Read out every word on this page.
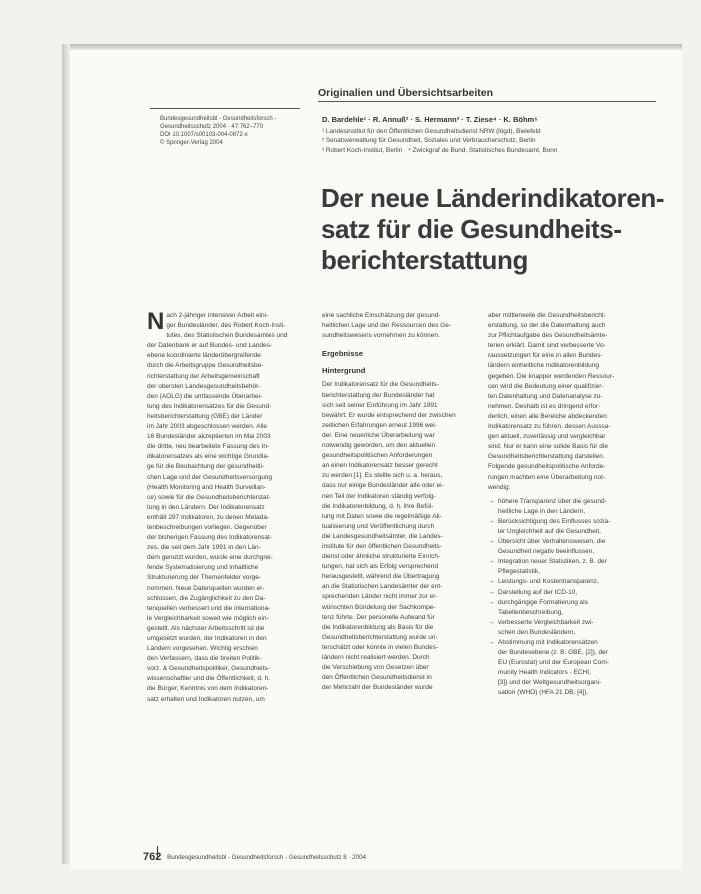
Originalien und Übersichtsarbeiten
Bundesgesundheitsbl - Gesundheitsforsch -
Gesundheitsschutz 2004 · 47:762–770
DOI 10.1007/s00103-004-0872-x
© Springer-Verlag 2004
D. Bardehle¹ · R. Annuß² · S. Hermann³ · T. Ziese⁴ · K. Böhm⁵
¹ Landesinstitut für den Öffentlichen Gesundheitsdienst NRW (lögd), Bielefeld
² Senatsverwaltung für Gesundheit, Soziales und Verbraucherschutz, Berlin
³ Robert Koch-Institut, Berlin · ⁴ Zwickgraf de Bund, Statistisches Bundesamt, Bonn
Der neue Länderindikatoren-
satz für die Gesundheits-
berichterstattung
N ach 2-jähriger intensiver Arbeit eini-
ger Bundesländer, des Robert Koch-Insti-
tutes, des Statistischen Bundesamtes und
der Datenbank er auf Bundes- und Landes-
ebene koordinierte länderübergreifende
durch die Arbeitsgruppe Gesundheitsbe-
richterstattung der Arbeitsgemeinschaft
der obersten Landesgesundheitsbehör-
den (AOLG) die umfassende Überarbei-
tung des Indikatorensatzes für die Gesund-
heitsberichterstattung (GBE) der Länder
im Jahr 2003 abgeschlossen werden. Alle
16 Bundesländer akzeptierten im Mai 2003
die dritte, neu bearbeitete Fassung des In-
dikatorensatzes als eine wichtige Grundla-
ge für die Beobachtung der gesundheitli-
chen Lage und der Gesundheitsversorgung
(Health Monitoring and Health Surveillan-
ce) sowie für die Gesundheitsberichterstat-
tung in den Ländern. Der Indikatorensatz
enthält 297 Indikatoren, zu denen Metada-
tenbeschreibungen vorliegen. Gegenüber
der bisherigen Fassung des Indikatorensat-
zes, die seit dem Jahr 1991 in den Län-
dern genutzt wurden, wurde eine durchgrei-
fende Systematisierung und inhaltliche
Strukturierung der Themenfelder vorge-
nommen. Neue Datenquellen wurden er-
schlossen, die Zugänglichkeit zu den Da-
tenquellen verbessert und die internationa-
le Vergleichbarkeit soweit wie möglich ein-
gestellt. Als nächster Arbeitsschritt ist die
umgesetzt wurden, der Indikatoren in den
Ländern vorgesehen. Wichtig erschien
den Verfassern, dass die breiten Politik-
vorz. & Gesundheitspolitiker, Gesundheits-
wissenschaftler und die Öffentlichkeit, d. h.
die Bürger, Kenntnis von dem Indikatoren-
satz erhalten und Indikatoren nutzen, um
eine sachliche Einschätzung der gesund-
heitlichen Lage und der Ressourcen des Ge-
sundheitswesens vornehmen zu können.
Ergebnisse
Hintergrund
Der Indikatorensatz für die Gesundheits-
berichterstattung der Bundesländer hat
sich seit seiner Einführung im Jahr 1991
bewährt. Er wurde entsprechend der zwischen
zeitlichen Erfahrungen erneut 1996 wei-
der. Eine neuerliche Überarbeitung war
notwendig geworden, um den aktuellen
gesundheitspolitischen Anforderungen
an einen Indikatorensatz besser gerecht
zu werden [1]. Es stellte sich u. a. heraus,
dass nur einige Bundesländer alle oder ei-
nen Teil der Indikatoren ständig verfolg-
die Indikatorenbildung, d. h. ihre Befül-
lung mit Daten sowie die regelmäßige Ak-
tualisierung und Veröffentlichung durch
die Landesgesundheitsämter, die Landes-
institute für den öffentlichen Gesundheits-
dienst oder ähnliche strukturierte Einrich-
tungen, hat sich als Erfolg versprechend
herausgestellt, während die Übertragung
an die Statistischen Landesämter der ent-
sprechenden Länder nicht immer zur er-
wünschten Bündelung der Sachkompe-
tenz führte. Der personelle Aufwand für
die Indikatorenbildung als Basis für die
Gesundheitsberichterstattung wurde un-
terschätzt oder konnte in vielen Bundes-
ländern nicht realisiert werden. Durch
die Verschiebung von Gesetzen über
den Öffentlichen Gesundheitsdienst in
der Mehrzahl der Bundesländer wurde
aber mittlerweile die Gesundheitsbericht-
erstattung, so der die Datenhaltung auch
zur Pflichtaufgabe des Gesundheitsämte-
terien erklärt. Damit sind verbesserte Vo-
raussetzungen für eine in allen Bundes-
ländern einheitliche Indikatorenbildung
gegeben. Die knapper werdenden Ressour-
cen wird die Bedeutung einer qualifizier-
ten Datenhaltung und Datenanalyse zu-
nehmen. Deshalb ist es dringend erfor-
derlich, einen alle Bereiche abdeckenden
Indikatorensatz zu führen, dessen Ausssa-
gen aktuell, zuverlässig und vergleichbar
sind. Nur er kann eine solide Basis für die
Gesundheitsberichterstattung darstellen.
Folgende gesundheitspolitische Anforde-
rungen machten eine Überarbeitung not-
wendig:
→ höhere Transparenz über die gesund-
heitliche Lage in den Ländern,
→ Berücksichtigung des Einflusses sozia-
ler Ungleichheit auf die Gesundheit,
→ Übersicht über Verhaltensweisen, die
Gesundheit negativ beeinflussen,
→ Integration neuer Statistiken, z. B. der
Pflegestatistik,
→ Leistungs- und Kostentransparenz,
→ Darstellung auf der ICD-10,
→ durchgängige Formatierung als
Tabellenbeschreibung,
→ verbesserte Vergleichbarkeit zwi-
schen den Bundesländern,
→ Abstimmung mit Indikatorensätzen
der Bundesebene (z. B. GBE, [2]), der
EU (Eurostat) und der European Com-
munity Health Indicators - ECHI,
[3]) und der Weltgesundheitsorgani-
sation (WHO) (HFA 21 DB, [4]).
762 Bundesgesundheitsbl - Gesundheitsforsch - Gesundheitsschutz 8 · 2004
